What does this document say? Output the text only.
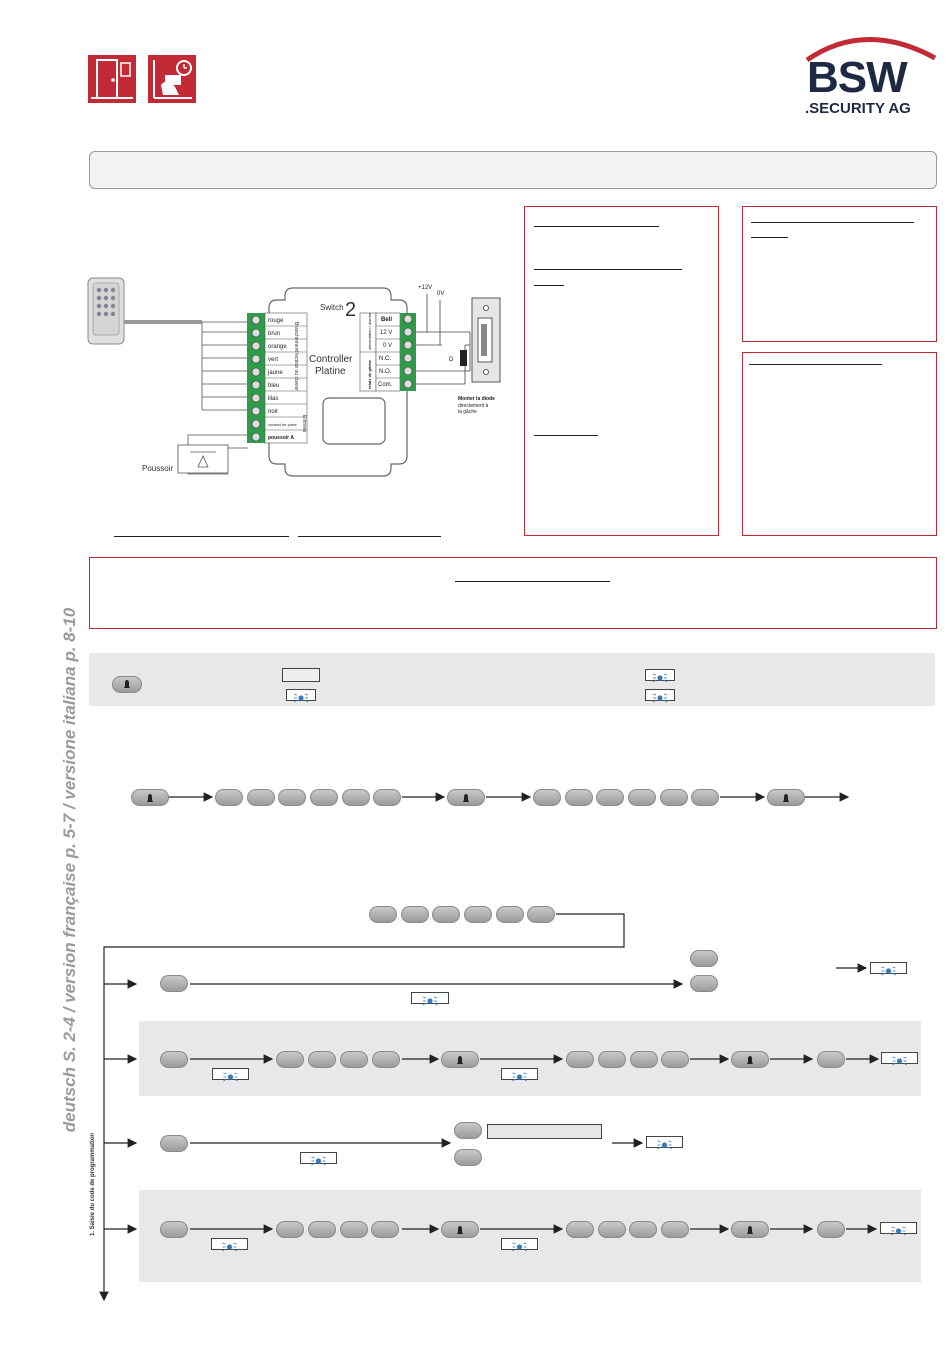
BSW
.SECURITY AG
Poussoir
Switch 2
Controller
Platine
rouge
brun
orange
vert
jaune
bleu
lilas
noir
contact de porte
poussoir A
Branchement lecteur ou clavier
Entrées
Bell
12 V
0 V
N.C.
N.O.
Com.
alimentation / alarme
relais de gâche
+12V
0V
D
Monter la diode
directement à
la gâche
deutsch S. 2-4 / version française p. 5-7 / versione italiana p. 8-10
1. Saisie du code de programmation
